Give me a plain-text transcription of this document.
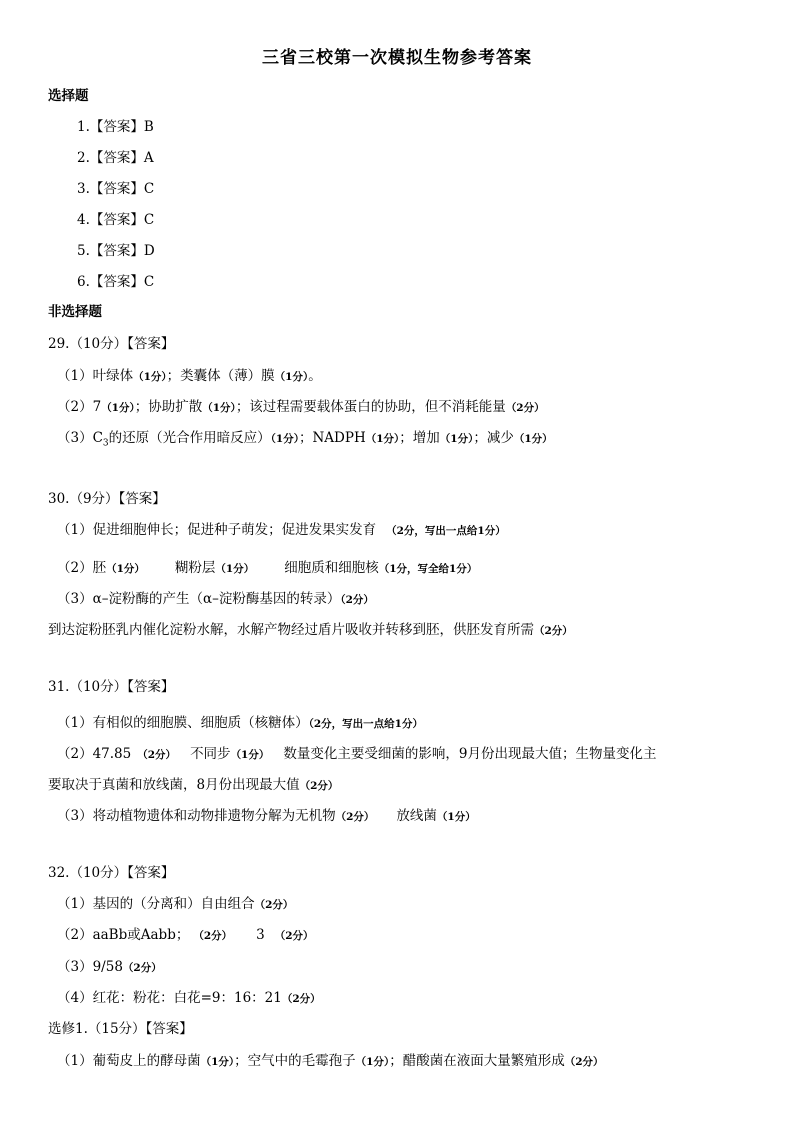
三省三校第一次模拟生物参考答案
选择题
1.【答案】B
2.【答案】A
3.【答案】C
4.【答案】C
5.【答案】D
6.【答案】C
非选择题
29.（10分）【答案】
（1）叶绿体（1分）；类囊体（薄）膜（1分）。
（2）7（1分）；协助扩散（1分）；该过程需要载体蛋白的协助，但不消耗能量（2分）
$(3)C_3$的还原（光合作用暗反应）（1分）；NADPH（1分）；增加（1分）；减少（1分）
30.（9分）【答案】
（1）促进细胞伸长；促进种子萌发；促进发果实发育 （2分，写出一点给1分）
（2）胚（1分） 糊粉层（1分） 细胞质和细胞核（1分，写全给1分）
（3）α–淀粉酶的产生（α–淀粉酶基因的转录）（2分）
到达淀粉胚乳内催化淀粉水解，水解产物经过盾片吸收并转移到胚，供胚发育所需（2分）
31.（10分）【答案】
（1）有相似的细胞膜、细胞质（核糖体）（2分，写出一点给1分）
（2）47.85 （2分） 不同步（1分） 数量变化主要受细菌的影响，9月份出现最大值；生物量变化主
要取决于真菌和放线菌，8月份出现最大值（2分）
（3）将动植物遗体和动物排遗物分解为无机物（2分） 放线菌（1分）
32.（10分）【答案】
（1）基因的（分离和）自由组合（2分）
（2）aaBb或Aabb； （2分） 3 （2分）
（3）9/58（2分）
（4）红花：粉花：白花=9：16：21（2分）
选修1.（15分）【答案】
（1）葡萄皮上的酵母菌（1分）；空气中的毛霉孢子（1分）；醋酸菌在液面大量繁殖形成（2分）
